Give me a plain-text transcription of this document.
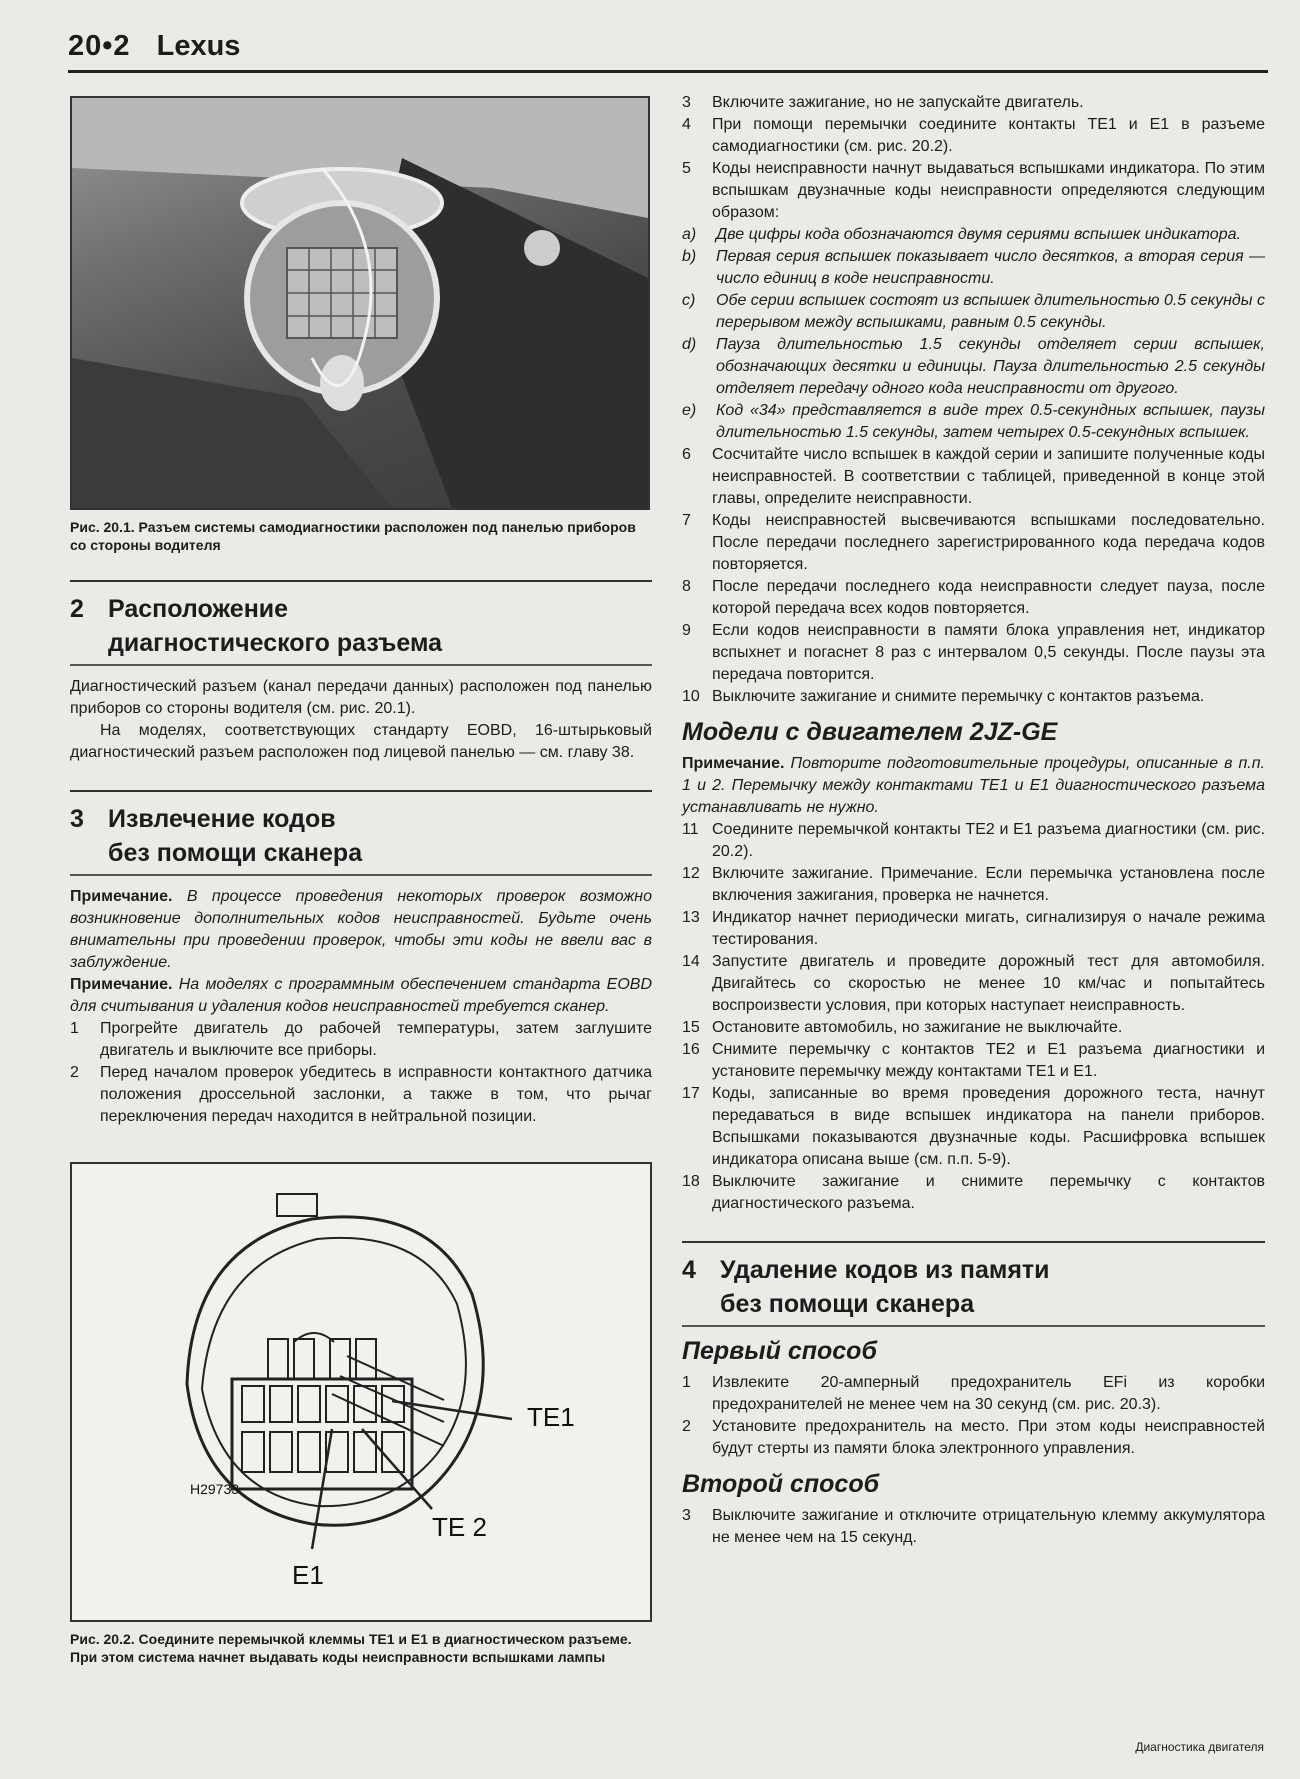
20•2 Lexus
Рис. 20.1. Разъем системы самодиагностики расположен под панелью приборов со стороны водителя
2 Расположение
диагностического разъема

Диагностический разъем (канал передачи данных) расположен под панелью приборов со стороны водителя (см. рис. 20.1).

На моделях, соответствующих стандарту EOBD, 16-штырьковый диагностический разъем расположен под лицевой панелью — см. главу 38.

3 Извлечение кодов
без помощи сканера

Примечание. В процессе проведения некоторых проверок возможно возникновение дополнительных кодов неисправностей. Будьте очень внимательны при проведении проверок, чтобы эти коды не ввели вас в заблуждение.

Примечание. На моделях с программным обеспечением стандарта EOBD для считывания и удаления кодов неисправностей требуется сканер.

1	Прогрейте двигатель до рабочей температуры, затем заглушите двигатель и выключите все приборы.
2	Перед началом проверок убедитесь в исправности контактного датчика положения дроссельной заслонки, а также в том, что рычаг переключения передач находится в нейтральной позиции.
TE1
TE 2
E1
H29733
Рис. 20.2. Соедините перемычкой клеммы TE1 и E1 в диагностическом разъеме. При этом система начнет выдавать коды неисправности вспышками лампы
3	Включите зажигание, но не запускайте двигатель.
4	При помощи перемычки соедините контакты TE1 и E1 в разъеме самодиагностики (см. рис. 20.2).
5	Коды неисправности начнут выдаваться вспышками индикатора. По этим вспышкам двузначные коды неисправности определяются следующим образом:
a)	Две цифры кода обозначаются двумя сериями вспышек индикатора.
b)	Первая серия вспышек показывает число десятков, а вторая серия — число единиц в коде неисправности.
c)	Обе серии вспышек состоят из вспышек длительностью 0.5 секунды с перерывом между вспышками, равным 0.5 секунды.
d)	Пауза длительностью 1.5 секунды отделяет серии вспышек, обозначающих десятки и единицы. Пауза длительностью 2.5 секунды отделяет передачу одного кода неисправности от другого.
e)	Код «34» представляется в виде трех 0.5-секундных вспышек, паузы длительностью 1.5 секунды, затем четырех 0.5-секундных вспышек.
6	Сосчитайте число вспышек в каждой серии и запишите полученные коды неисправностей. В соответствии с таблицей, приведенной в конце этой главы, определите неисправности.
7	Коды неисправностей высвечиваются вспышками последовательно. После передачи последнего зарегистрированного кода передача кодов повторяется.
8	После передачи последнего кода неисправности следует пауза, после которой передача всех кодов повторяется.
9	Если кодов неисправности в памяти блока управления нет, индикатор вспыхнет и погаснет 8 раз с интервалом 0,5 секунды. После паузы эта передача повторится.
10 Выключите зажигание и снимите перемычку с контактов разъема.
Модели с двигателем 2JZ-GE

Примечание. Повторите подготовительные процедуры, описанные в п.п. 1 и 2. Перемычку между контактами TE1 и E1 диагностического разъема устанавливать не нужно.

11 Соедините перемычкой контакты TE2 и E1 разъема диагностики (см. рис. 20.2).
12 Включите зажигание. Примечание. Если перемычка установлена после включения зажигания, проверка не начнется.
13 Индикатор начнет периодически мигать, сигнализируя о начале режима тестирования.
14 Запустите двигатель и проведите дорожный тест для автомобиля. Двигайтесь со скоростью не менее 10 км/час и попытайтесь воспроизвести условия, при которых наступает неисправность.
15 Остановите автомобиль, но зажигание не выключайте.
16 Снимите перемычку с контактов TE2 и E1 разъема диагностики и установите перемычку между контактами TE1 и E1.
17 Коды, записанные во время проведения дорожного теста, начнут передаваться в виде вспышек индикатора на панели приборов. Вспышками показываются двузначные коды. Расшифровка вспышек индикатора описана выше (см. п.п. 5-9).
18 Выключите зажигание и снимите перемычку с контактов диагностического разъема.
4 Удаление кодов из памяти
без помощи сканера
Первый способ
1	Извлеките 20-амперный предохранитель EFi из коробки предохранителей не менее чем на 30 секунд (см. рис. 20.3).
2	Установите предохранитель на место. При этом коды неисправностей будут стерты из памяти блока электронного управления.
Второй способ
3	Выключите зажигание и отключите отрицательную клемму аккумулятора не менее чем на 15 секунд.
Диагностика двигателя
